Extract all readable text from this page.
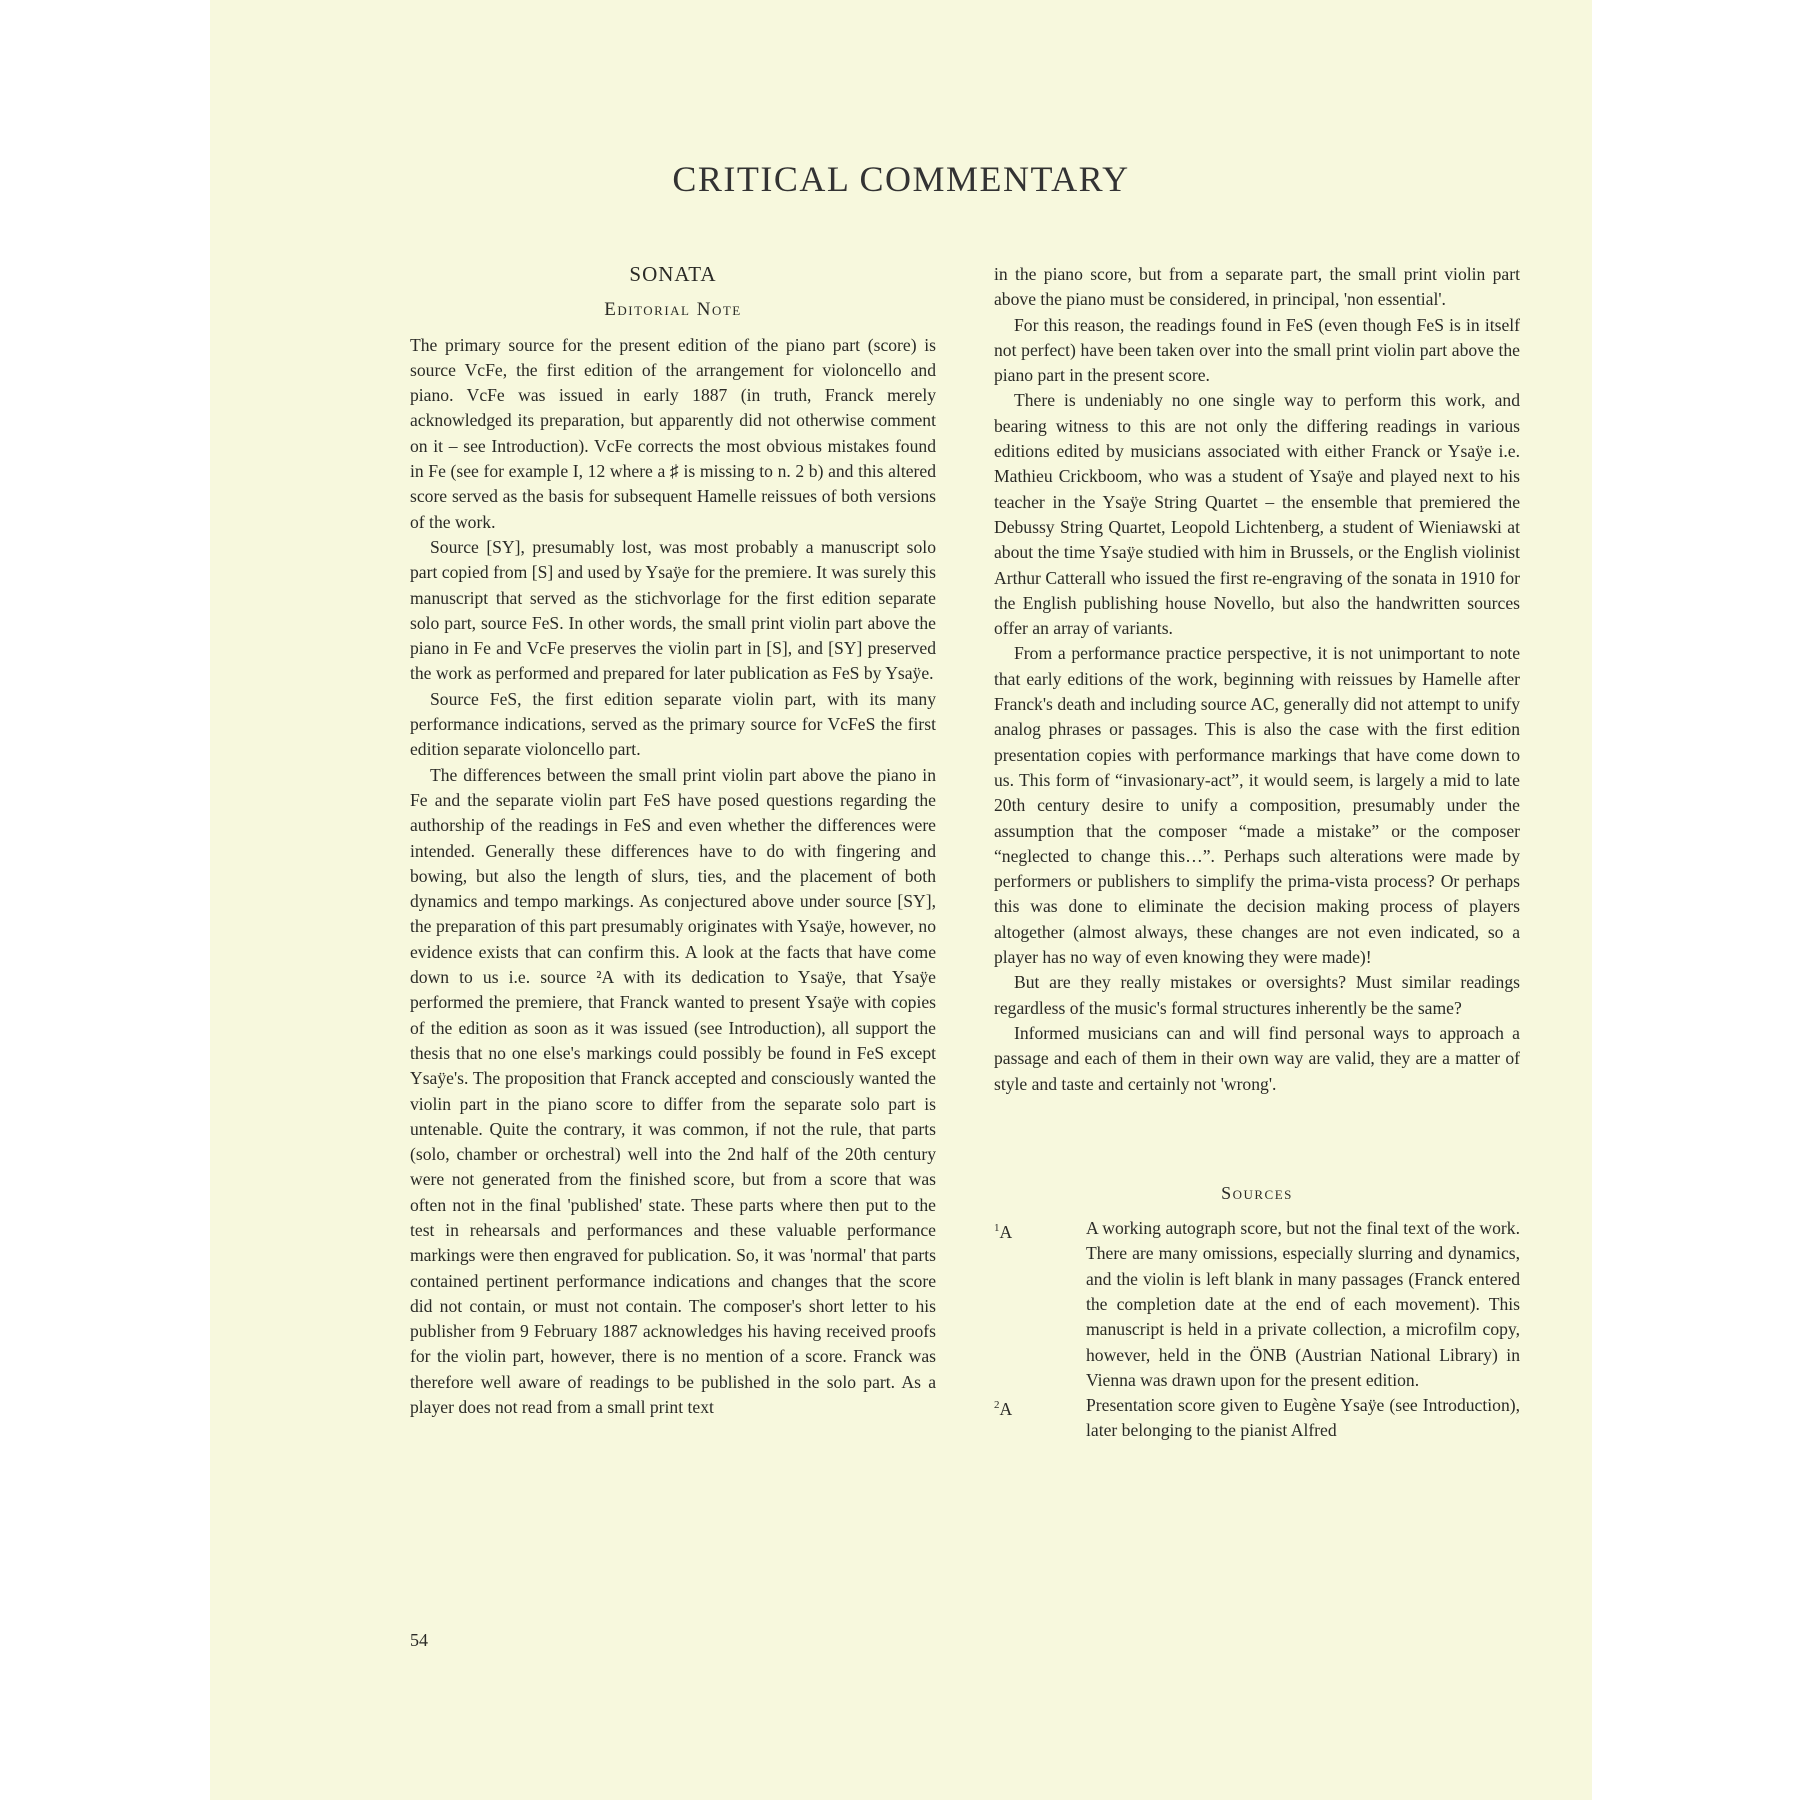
CRITICAL COMMENTARY
SONATA
Editorial Note

The primary source for the present edition of the piano part (score) is source VcFe, the first edition of the arrangement for violoncello and piano. VcFe was issued in early 1887 (in truth, Franck merely acknowledged its preparation, but apparently did not otherwise comment on it – see Introduction). VcFe corrects the most obvious mistakes found in Fe (see for example I, 12 where a ♯ is missing to n. 2 b) and this altered score served as the basis for subsequent Hamelle reissues of both versions of the work.

Source [SY], presumably lost, was most probably a manuscript solo part copied from [S] and used by Ysaÿe for the premiere. It was surely this manuscript that served as the stichvorlage for the first edition separate solo part, source FeS. In other words, the small print violin part above the piano in Fe and VcFe preserves the violin part in [S], and [SY] preserved the work as performed and prepared for later publication as FeS by Ysaÿe.

Source FeS, the first edition separate violin part, with its many performance indications, served as the primary source for VcFeS the first edition separate violoncello part.

The differences between the small print violin part above the piano in Fe and the separate violin part FeS have posed questions regarding the authorship of the readings in FeS and even whether the differences were intended. Generally these differences have to do with fingering and bowing, but also the length of slurs, ties, and the placement of both dynamics and tempo markings. As conjectured above under source [SY], the preparation of this part presumably originates with Ysaÿe, however, no evidence exists that can confirm this. A look at the facts that have come down to us i.e. source ²A with its dedication to Ysaÿe, that Ysaÿe performed the premiere, that Franck wanted to present Ysaÿe with copies of the edition as soon as it was issued (see Introduction), all support the thesis that no one else's markings could possibly be found in FeS except Ysaÿe's. The proposition that Franck accepted and consciously wanted the violin part in the piano score to differ from the separate solo part is untenable. Quite the contrary, it was common, if not the rule, that parts (solo, chamber or orchestral) well into the 2nd half of the 20th century were not generated from the finished score, but from a score that was often not in the final 'published' state. These parts where then put to the test in rehearsals and performances and these valuable performance markings were then engraved for publication. So, it was 'normal' that parts contained pertinent performance indications and changes that the score did not contain, or must not contain. The composer's short letter to his publisher from 9 February 1887 acknowledges his having received proofs for the violin part, however, there is no mention of a score. Franck was therefore well aware of readings to be published in the solo part. As a player does not read from a small print text

in the piano score, but from a separate part, the small print violin part above the piano must be considered, in principal, 'non essential'.

For this reason, the readings found in FeS (even though FeS is in itself not perfect) have been taken over into the small print violin part above the piano part in the present score.

There is undeniably no one single way to perform this work, and bearing witness to this are not only the differing readings in various editions edited by musicians associated with either Franck or Ysaÿe i.e. Mathieu Crickboom, who was a student of Ysaÿe and played next to his teacher in the Ysaÿe String Quartet – the ensemble that premiered the Debussy String Quartet, Leopold Lichtenberg, a student of Wieniawski at about the time Ysaÿe studied with him in Brussels, or the English violinist Arthur Catterall who issued the first re-engraving of the sonata in 1910 for the English publishing house Novello, but also the handwritten sources offer an array of variants.

From a performance practice perspective, it is not unimportant to note that early editions of the work, beginning with reissues by Hamelle after Franck's death and including source AC, generally did not attempt to unify analog phrases or passages. This is also the case with the first edition presentation copies with performance markings that have come down to us. This form of “invasionary-act”, it would seem, is largely a mid to late 20th century desire to unify a composition, presumably under the assumption that the composer “made a mistake” or the composer “neglected to change this…”. Perhaps such alterations were made by performers or publishers to simplify the prima-vista process? Or perhaps this was done to eliminate the decision making process of players altogether (almost always, these changes are not even indicated, so a player has no way of even knowing they were made)!

But are they really mistakes or oversights? Must similar readings regardless of the music's formal structures inherently be the same?

Informed musicians can and will find personal ways to approach a passage and each of them in their own way are valid, they are a matter of style and taste and certainly not 'wrong'.

Sources
$^1$A	A working autograph score, but not the final text of the work. There are many omissions, especially slurring and dynamics, and the violin is left blank in many passages (Franck entered the completion date at the end of each movement). This manuscript is held in a private collection, a microfilm copy, however, held in the ÖNB (Austrian National Library) in Vienna was drawn upon for the present edition.
$^2$A	Presentation score given to Eugène Ysaÿe (see Introduction), later belonging to the pianist Alfred
54
